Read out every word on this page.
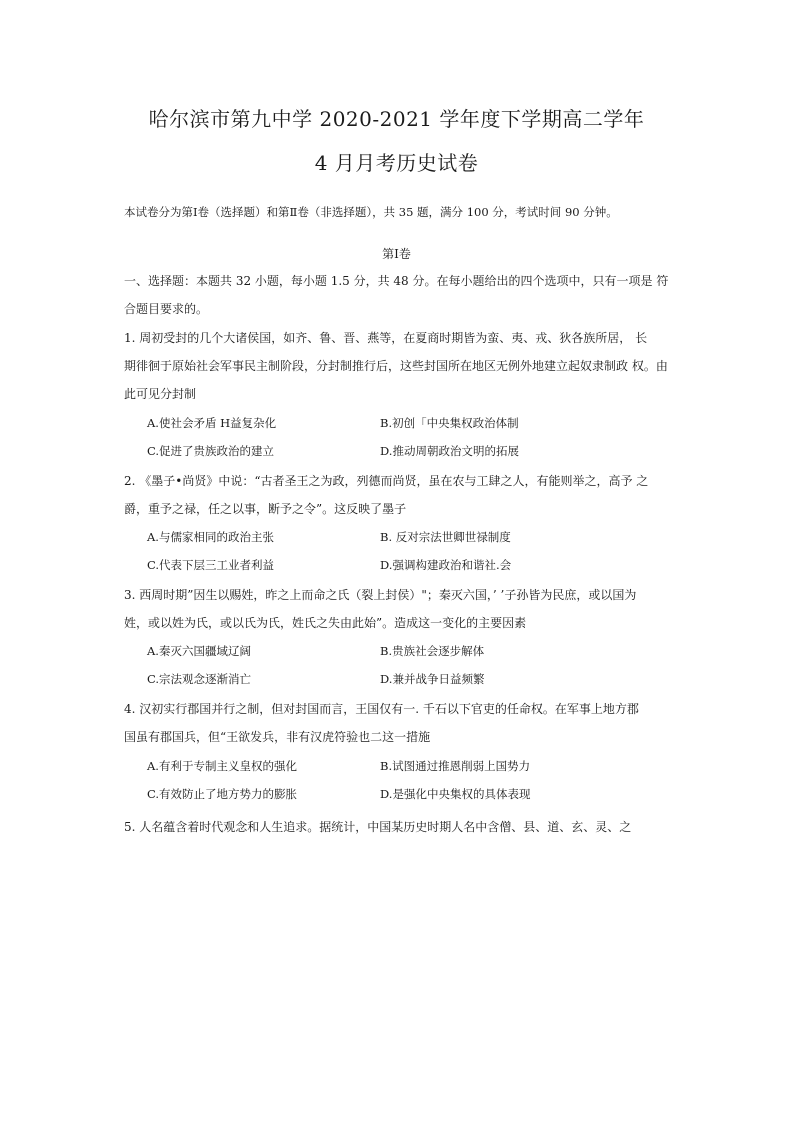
哈尔滨市第九中学 2020-2021 学年度下学期高二学年
4 月月考历史试卷
本试卷分为第Ⅰ卷（选择题）和第Ⅱ卷（非选择题），共 35 题，满分 100 分，考试时间 90 分钟。
第Ⅰ卷
一、选择题：本题共 32 小题，每小题 1.5 分，共 48 分。在每小题给出的四个选项中，只有一项是 符
合题目要求的。
1. 周初受封的几个大诸侯国，如齐、鲁、晋、燕等，在夏商时期皆为蛮、夷、戎、狄各族所居， 长
期徘徊于原始社会军事民主制阶段，分封制推行后，这些封国所在地区无例外地建立起奴隶制政 权。由
此可见分封制
A.使社会矛盾 H益复杂化	B.初创「中央集权政治体制
C.促进了贵族政治的建立	D.推动周朝政治文明的拓展
2. 《墨子•尚贤》中说：“古者圣王之为政，列德而尚贤，虽在农与工肆之人，有能则举之，高予 之
爵，重予之禄，任之以事，断予之令”。这反映了墨子
A.与儒家相同的政治主张	B. 反对宗法世卿世禄制度
C.代表下层三工业者利益	D.强调构建政治和谐社.会
3. 西周时期”因生以赐姓，昨之上而命之氏（裂上封侯）"；秦灭六国，’ ’子孙皆为民庶，或以国为
姓，或以姓为氏，或以氏为氏，姓氏之失由此始”。造成这一变化的主要因素
A.秦灭六国疆域辽阔	B.贵族社会逐步解体
C.宗法观念逐渐消亡	D.兼并战争日益频繁
4. 汉初实行郡国并行之制，但对封国而言，王国仅有一. 千石以下官吏的任命权。在军事上地方郡
国虽有郡国兵，但“王欲发兵，非有汉虎符验也二这一措施
A.有利于专制主义皇权的强化	B.试图通过推恩削弱上国势力
C.有效防止了地方势力的膨胀	D.是强化中央集权的具体表现
5. 人名蕴含着时代观念和人生追求。据统计，中国某历史时期人名中含僧、县、道、玄、灵、之
